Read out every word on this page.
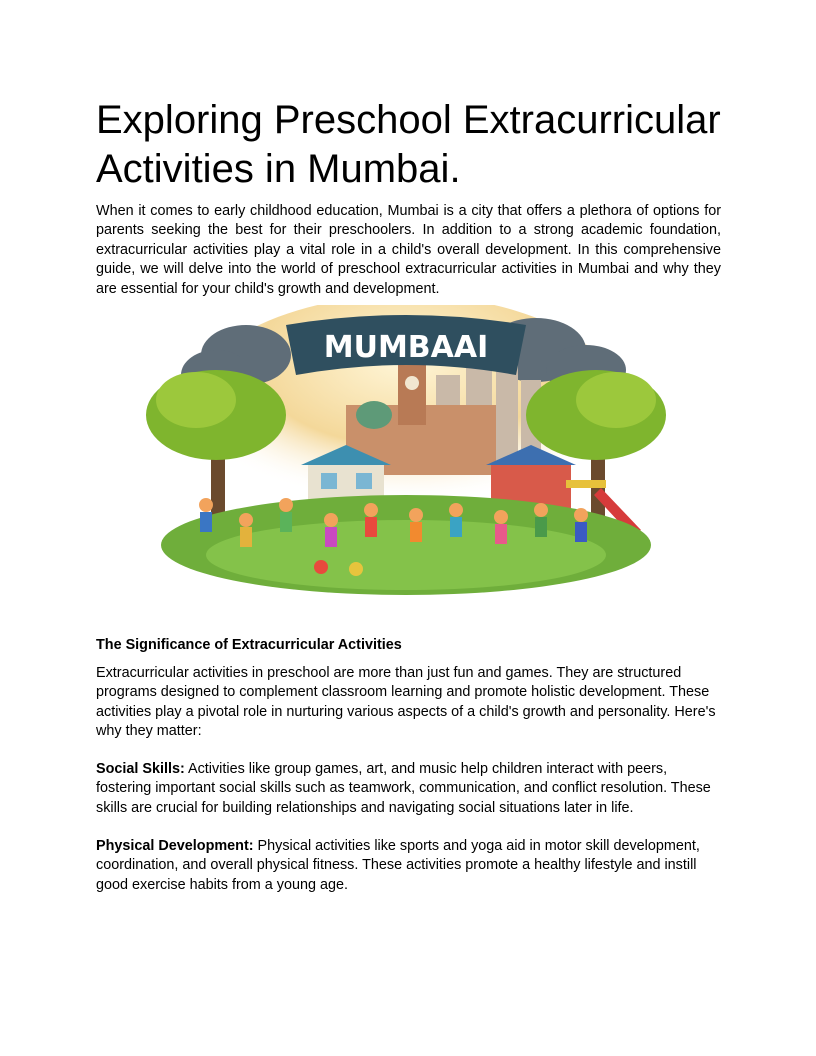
Exploring Preschool Extracurricular Activities in Mumbai.

When it comes to early childhood education, Mumbai is a city that offers a plethora of options for parents seeking the best for their preschoolers. In addition to a strong academic foundation, extracurricular activities play a vital role in a child's overall development. In this comprehensive guide, we will delve into the world of preschool extracurricular activities in Mumbai and why they are essential for your child's growth and development.

MUMBAAI
The Significance of Extracurricular Activities

Extracurricular activities in preschool are more than just fun and games. They are structured programs designed to complement classroom learning and promote holistic development. These activities play a pivotal role in nurturing various aspects of a child's growth and personality. Here's why they matter:

Social Skills: Activities like group games, art, and music help children interact with peers, fostering important social skills such as teamwork, communication, and conflict resolution. These skills are crucial for building relationships and navigating social situations later in life.

Physical Development: Physical activities like sports and yoga aid in motor skill development, coordination, and overall physical fitness. These activities promote a healthy lifestyle and instill good exercise habits from a young age.
